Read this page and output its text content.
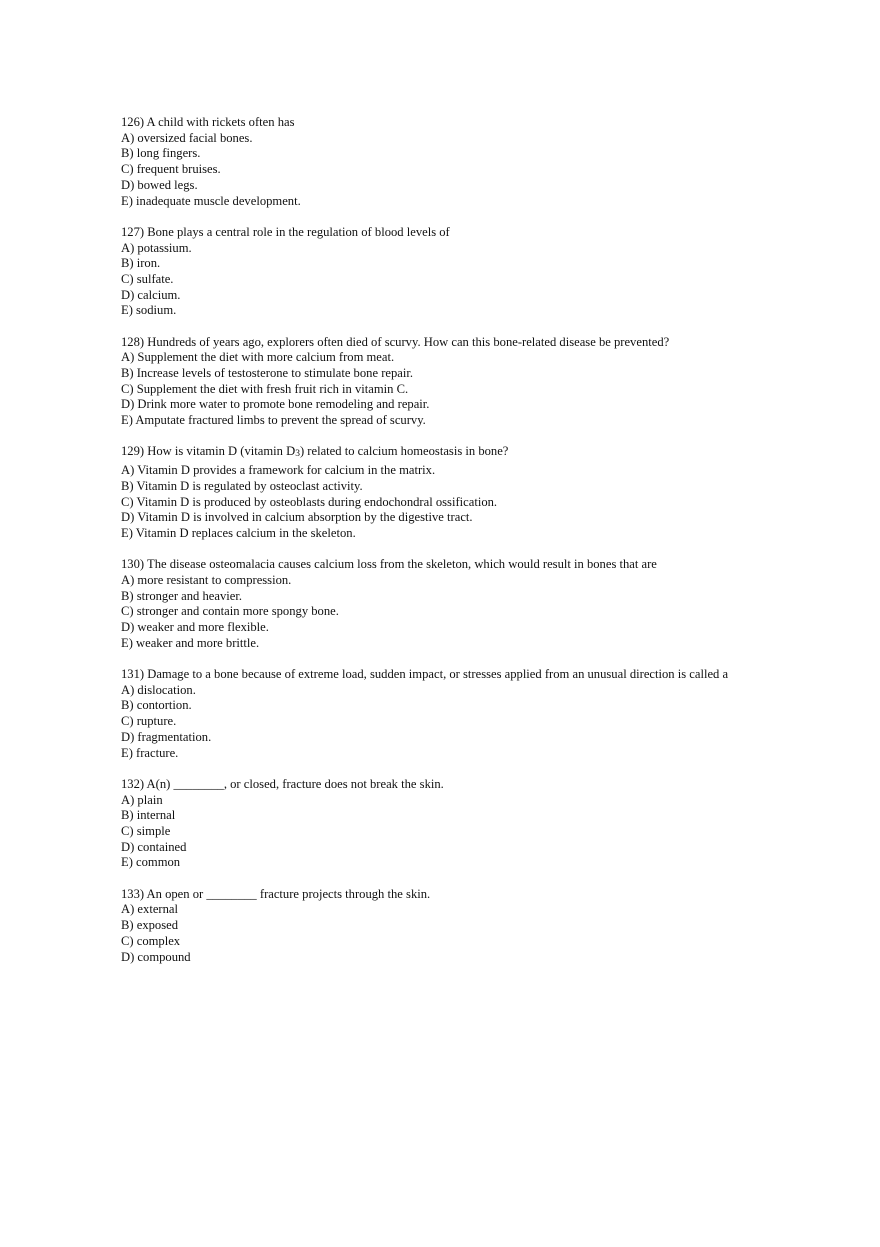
126) A child with rickets often has
A) oversized facial bones.
B) long fingers.
C) frequent bruises.
D) bowed legs.
E) inadequate muscle development.
127) Bone plays a central role in the regulation of blood levels of
A) potassium.
B) iron.
C) sulfate.
D) calcium.
E) sodium.
128) Hundreds of years ago, explorers often died of scurvy. How can this bone-related disease be prevented?
A) Supplement the diet with more calcium from meat.
B) Increase levels of testosterone to stimulate bone repair.
C) Supplement the diet with fresh fruit rich in vitamin C.
D) Drink more water to promote bone remodeling and repair.
E) Amputate fractured limbs to prevent the spread of scurvy.
129) How is vitamin D (vitamin D3) related to calcium homeostasis in bone?
A) Vitamin D provides a framework for calcium in the matrix.
B) Vitamin D is regulated by osteoclast activity.
C) Vitamin D is produced by osteoblasts during endochondral ossification.
D) Vitamin D is involved in calcium absorption by the digestive tract.
E) Vitamin D replaces calcium in the skeleton.
130) The disease osteomalacia causes calcium loss from the skeleton, which would result in bones that are
A) more resistant to compression.
B) stronger and heavier.
C) stronger and contain more spongy bone.
D) weaker and more flexible.
E) weaker and more brittle.
131) Damage to a bone because of extreme load, sudden impact, or stresses applied from an unusual direction is called a
A) dislocation.
B) contortion.
C) rupture.
D) fragmentation.
E) fracture.
132) A(n) ________, or closed, fracture does not break the skin.
A) plain
B) internal
C) simple
D) contained
E) common
133) An open or ________ fracture projects through the skin.
A) external
B) exposed
C) complex
D) compound
